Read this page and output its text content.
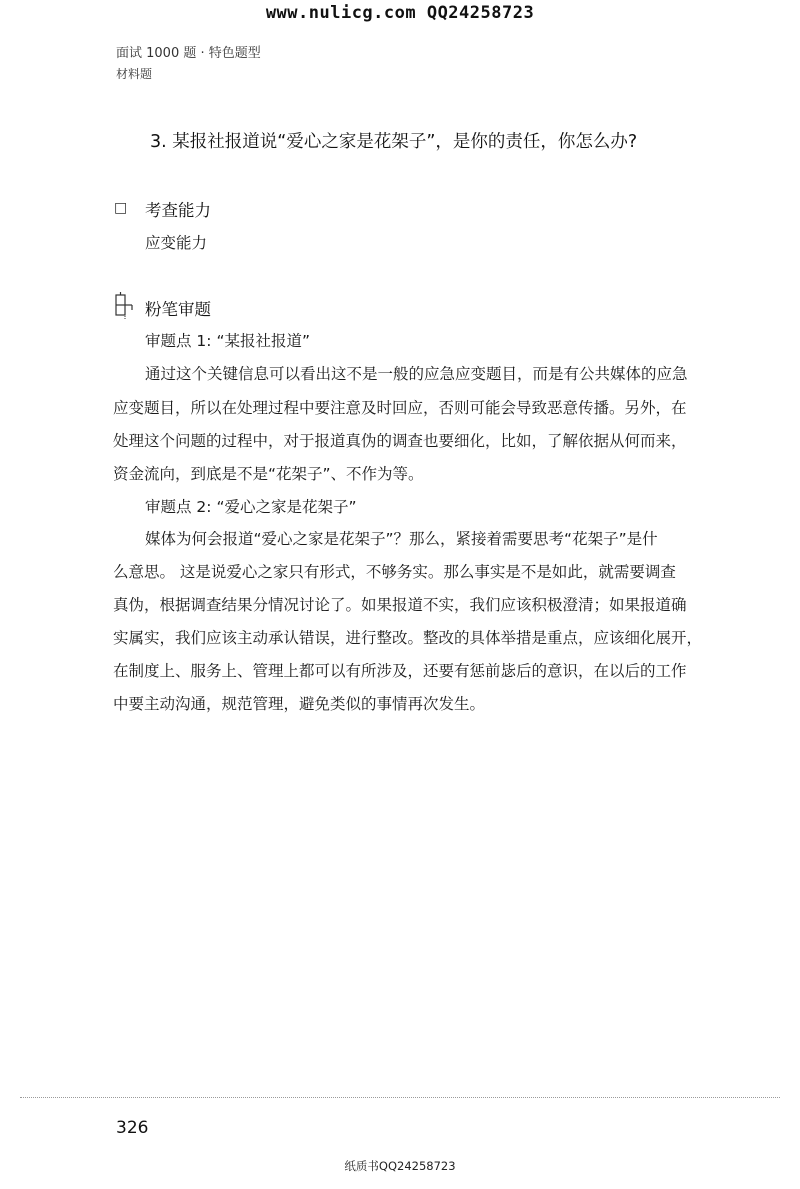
www.nulicg.com QQ24258723
面试 1000 题 · 特色题型
材料题
3. 某报社报道说“爱心之家是花架子”，是你的责任，你怎么办?
□ 考查能力
应变能力
粉笔审题
审题点 1: “某报社报道”
通过这个关键信息可以看出这不是一般的应急应变题目，而是有公共媒体的应急
应变题目，所以在处理过程中要注意及时回应，否则可能会导致恶意传播。另外，在
处理这个问题的过程中，对于报道真伪的调查也要细化，比如，了解依据从何而来，
资金流向，到底是不是“花架子”、不作为等。
审题点 2: “爱心之家是花架子”
媒体为何会报道“爱心之家是花架子”？那么，紧接着需要思考“花架子”是什
么意思。 这是说爱心之家只有形式，不够务实。那么事实是不是如此，就需要调查
真伪，根据调查结果分情况讨论了。如果报道不实，我们应该积极澄清；如果报道确
实属实，我们应该主动承认错误，进行整改。整改的具体举措是重点，应该细化展开，
在制度上、服务上、管理上都可以有所涉及，还要有惩前毖后的意识，在以后的工作
中要主动沟通，规范管理，避免类似的事情再次发生。
326
纸质书QQ24258723
